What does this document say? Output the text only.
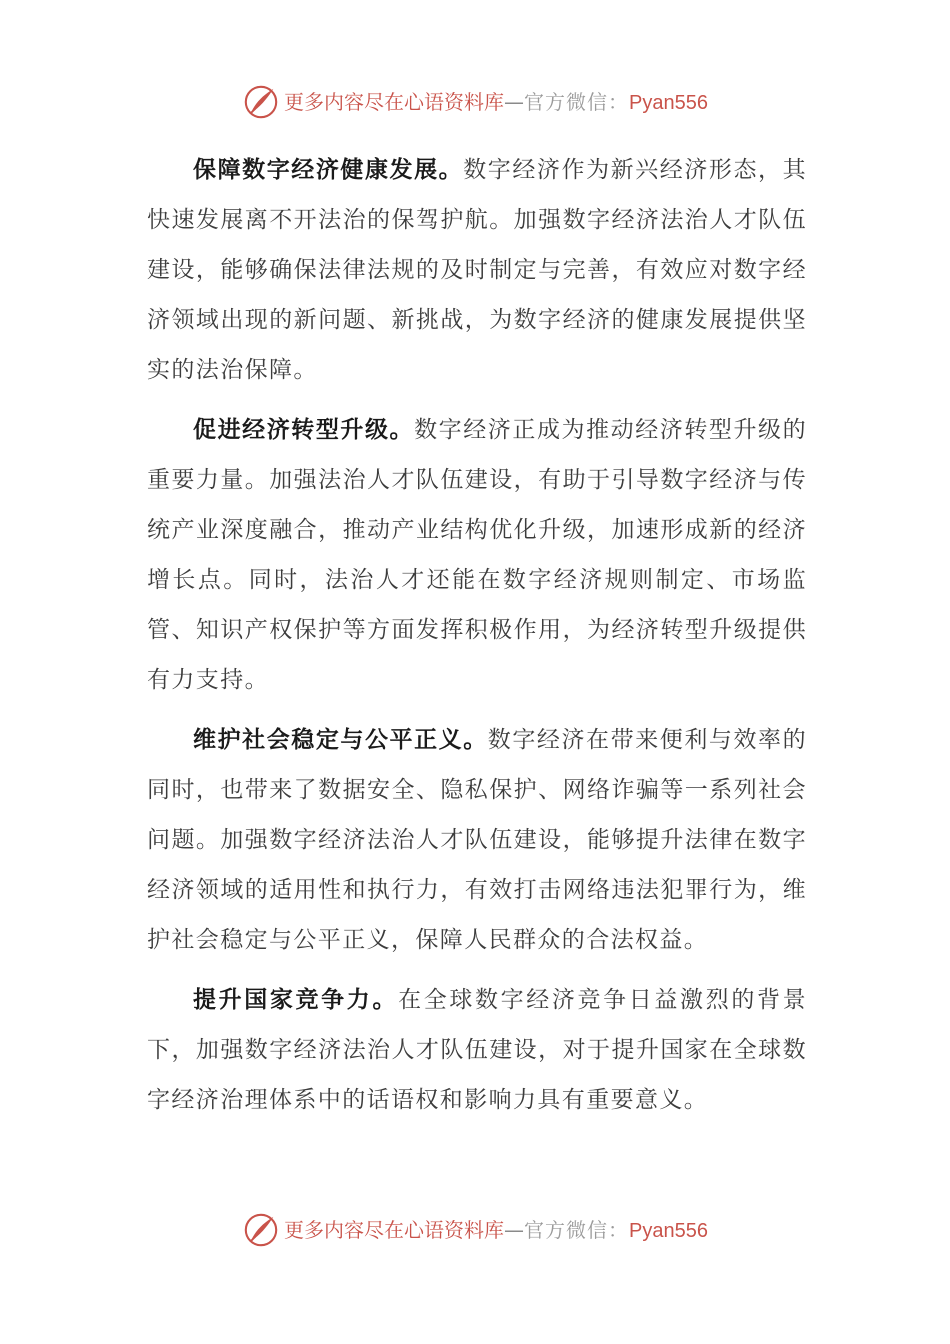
更多内容尽在心语资料库—官方微信：Pyan556

保障数字经济健康发展。数字经济作为新兴经济形态，其快速发展离不开法治的保驾护航。加强数字经济法治人才队伍建设，能够确保法律法规的及时制定与完善，有效应对数字经济领域出现的新问题、新挑战，为数字经济的健康发展提供坚实的法治保障。

促进经济转型升级。数字经济正成为推动经济转型升级的重要力量。加强法治人才队伍建设，有助于引导数字经济与传统产业深度融合，推动产业结构优化升级，加速形成新的经济增长点。同时，法治人才还能在数字经济规则制定、市场监管、知识产权保护等方面发挥积极作用，为经济转型升级提供有力支持。

维护社会稳定与公平正义。数字经济在带来便利与效率的同时，也带来了数据安全、隐私保护、网络诈骗等一系列社会问题。加强数字经济法治人才队伍建设，能够提升法律在数字经济领域的适用性和执行力，有效打击网络违法犯罪行为，维护社会稳定与公平正义，保障人民群众的合法权益。

提升国家竞争力。在全球数字经济竞争日益激烈的背景下，加强数字经济法治人才队伍建设，对于提升国家在全球数字经济治理体系中的话语权和影响力具有重要意义。

更多内容尽在心语资料库—官方微信：Pyan556
